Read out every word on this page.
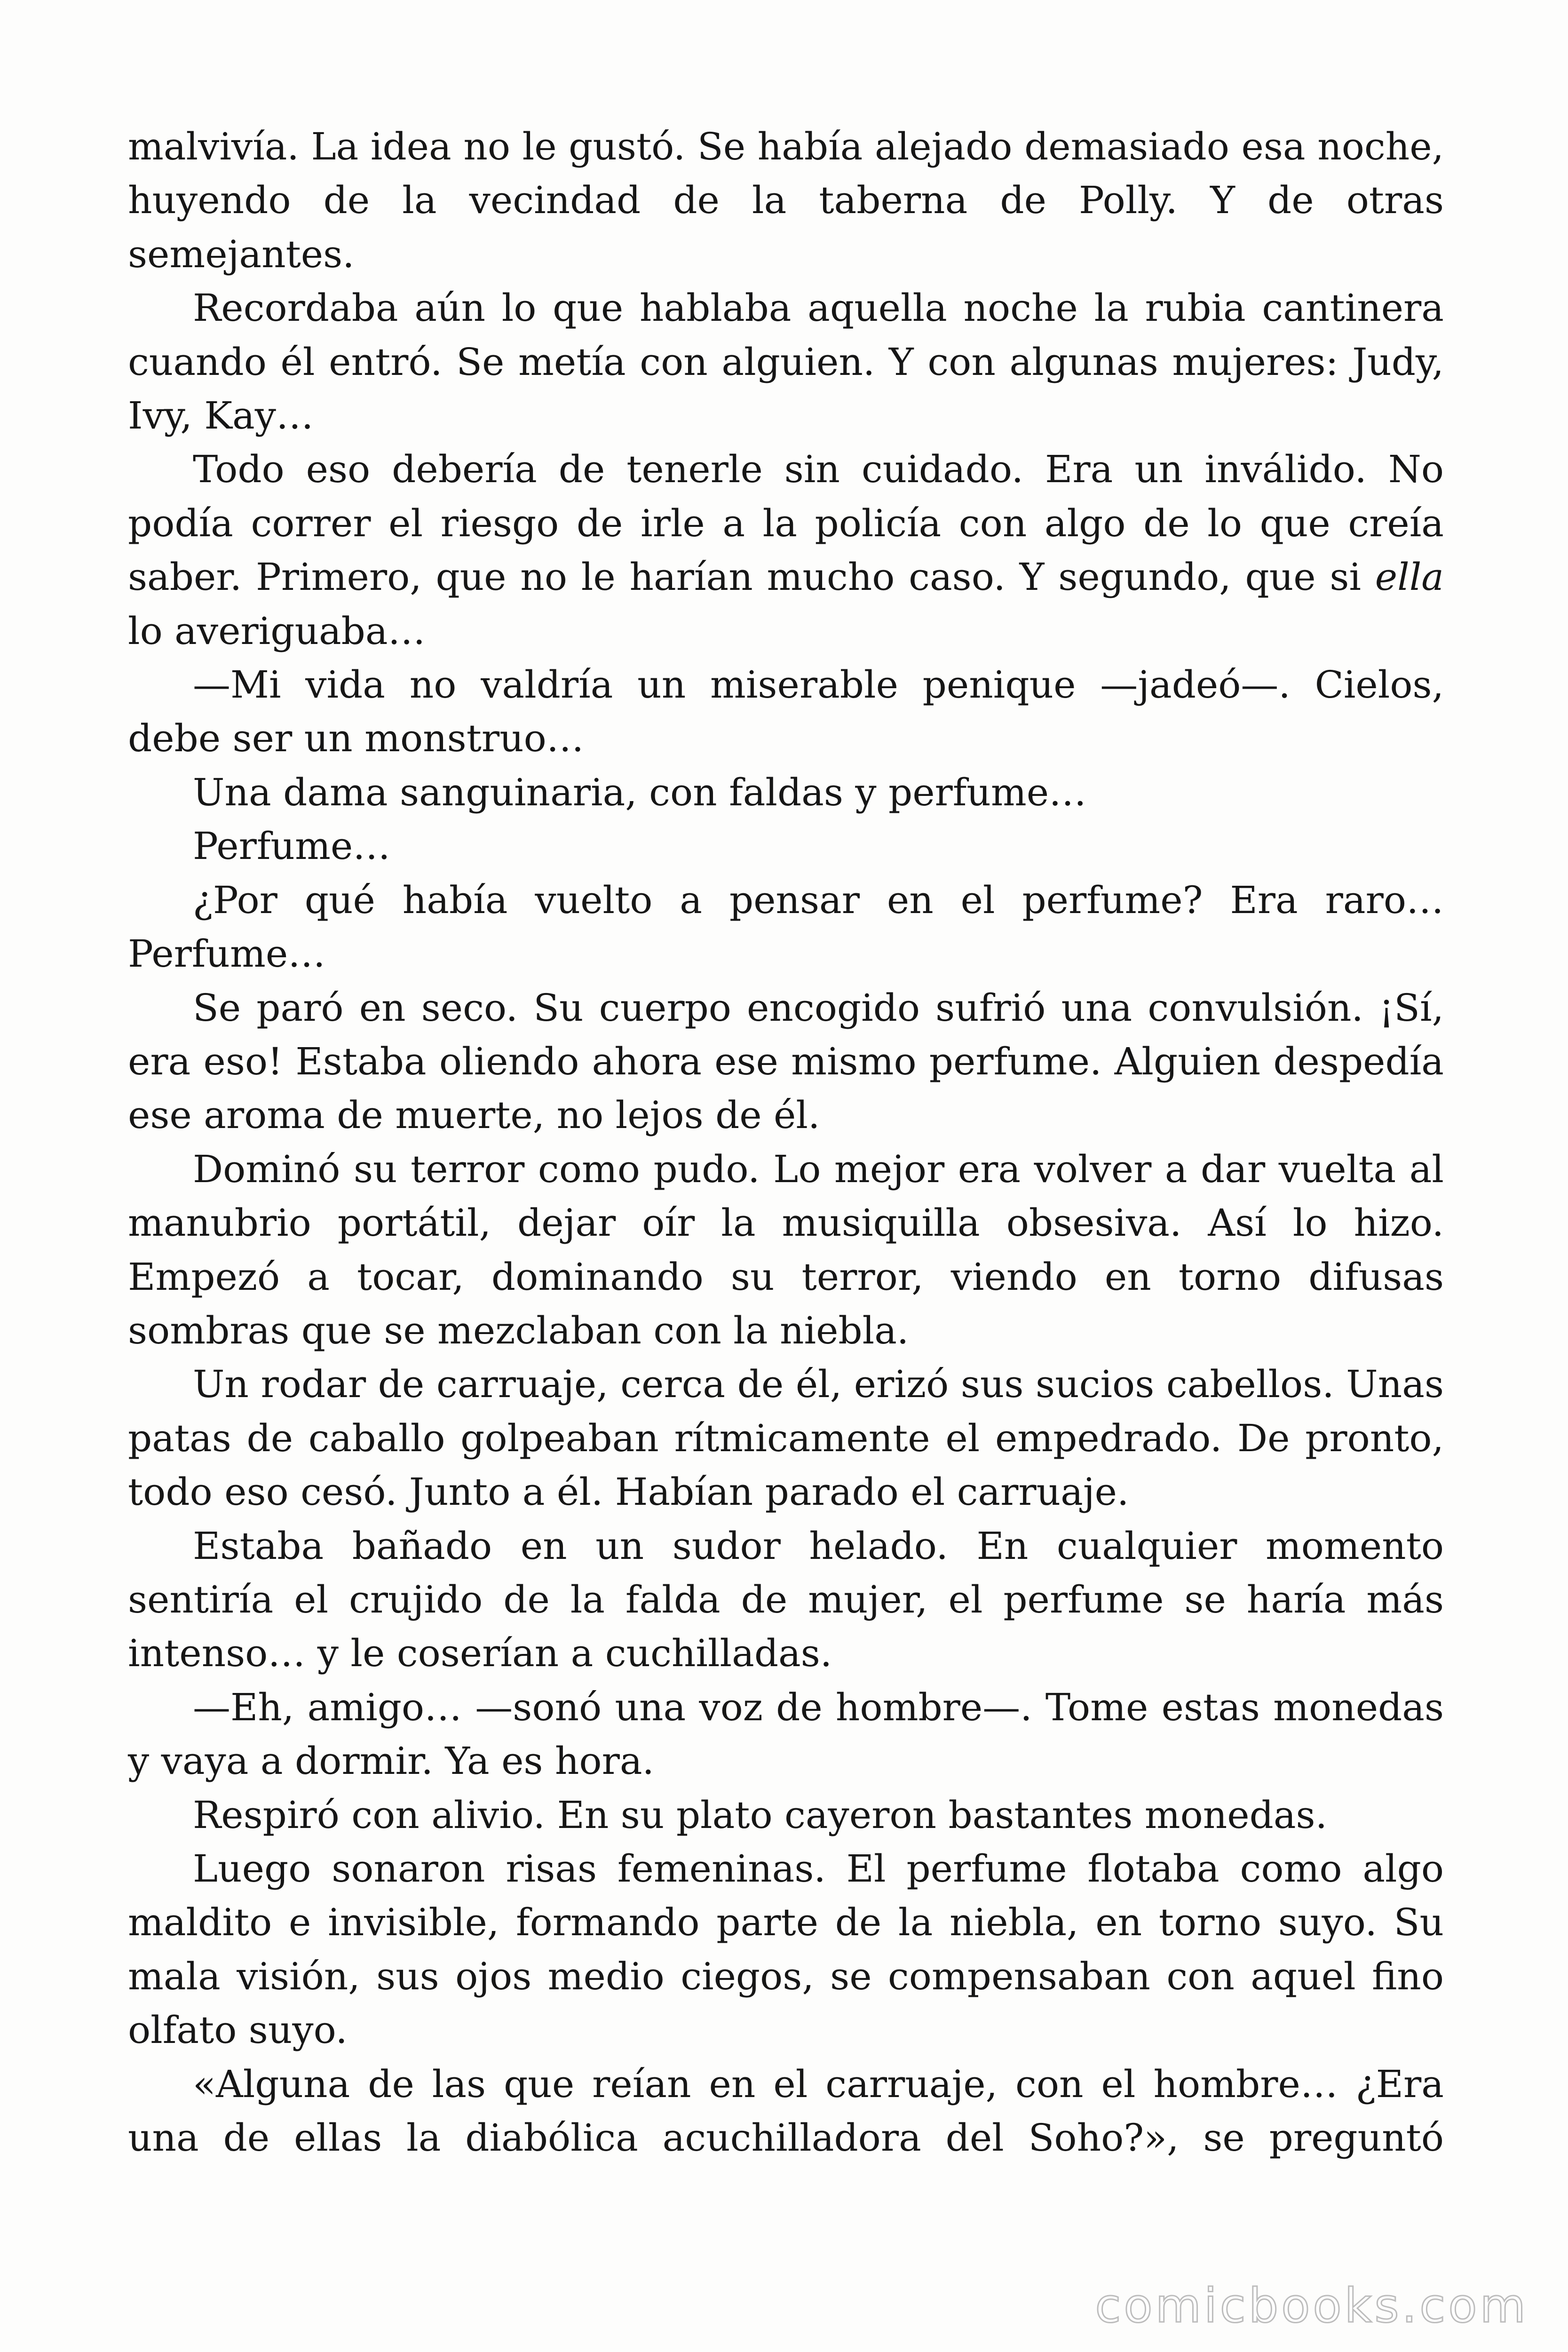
malvivía. La idea no le gustó. Se había alejado demasiado esa noche, huyendo de la vecindad de la taberna de Polly. Y de otras semejantes.

Recordaba aún lo que hablaba aquella noche la rubia cantinera cuando él entró. Se metía con alguien. Y con algunas mujeres: Judy, Ivy, Kay…

Todo eso debería de tenerle sin cuidado. Era un inválido. No podía correr el riesgo de irle a la policía con algo de lo que creía saber. Primero, que no le harían mucho caso. Y segundo, que si ella lo averiguaba…

—Mi vida no valdría un miserable penique —jadeó—. Cielos, debe ser un monstruo…

Una dama sanguinaria, con faldas y perfume…

Perfume…

¿Por qué había vuelto a pensar en el perfume? Era raro… Perfume…

Se paró en seco. Su cuerpo encogido sufrió una convulsión. ¡Sí, era eso! Estaba oliendo ahora ese mismo perfume. Alguien despedía ese aroma de muerte, no lejos de él.

Dominó su terror como pudo. Lo mejor era volver a dar vuelta al manubrio portátil, dejar oír la musiquilla obsesiva. Así lo hizo. Empezó a tocar, dominando su terror, viendo en torno difusas sombras que se mezclaban con la niebla.

Un rodar de carruaje, cerca de él, erizó sus sucios cabellos. Unas patas de caballo golpeaban rítmicamente el empedrado. De pronto, todo eso cesó. Junto a él. Habían parado el carruaje.

Estaba bañado en un sudor helado. En cualquier momento sentiría el crujido de la falda de mujer, el perfume se haría más intenso… y le coserían a cuchilladas.

—Eh, amigo… —sonó una voz de hombre—. Tome estas monedas y vaya a dormir. Ya es hora.

Respiró con alivio. En su plato cayeron bastantes monedas.

Luego sonaron risas femeninas. El perfume flotaba como algo maldito e invisible, formando parte de la niebla, en torno suyo. Su mala visión, sus ojos medio ciegos, se compensaban con aquel fino olfato suyo.

«Alguna de las que reían en el carruaje, con el hombre… ¿Era una de ellas la diabólica acuchilladora del Soho?», se preguntó

comicbooks.com
